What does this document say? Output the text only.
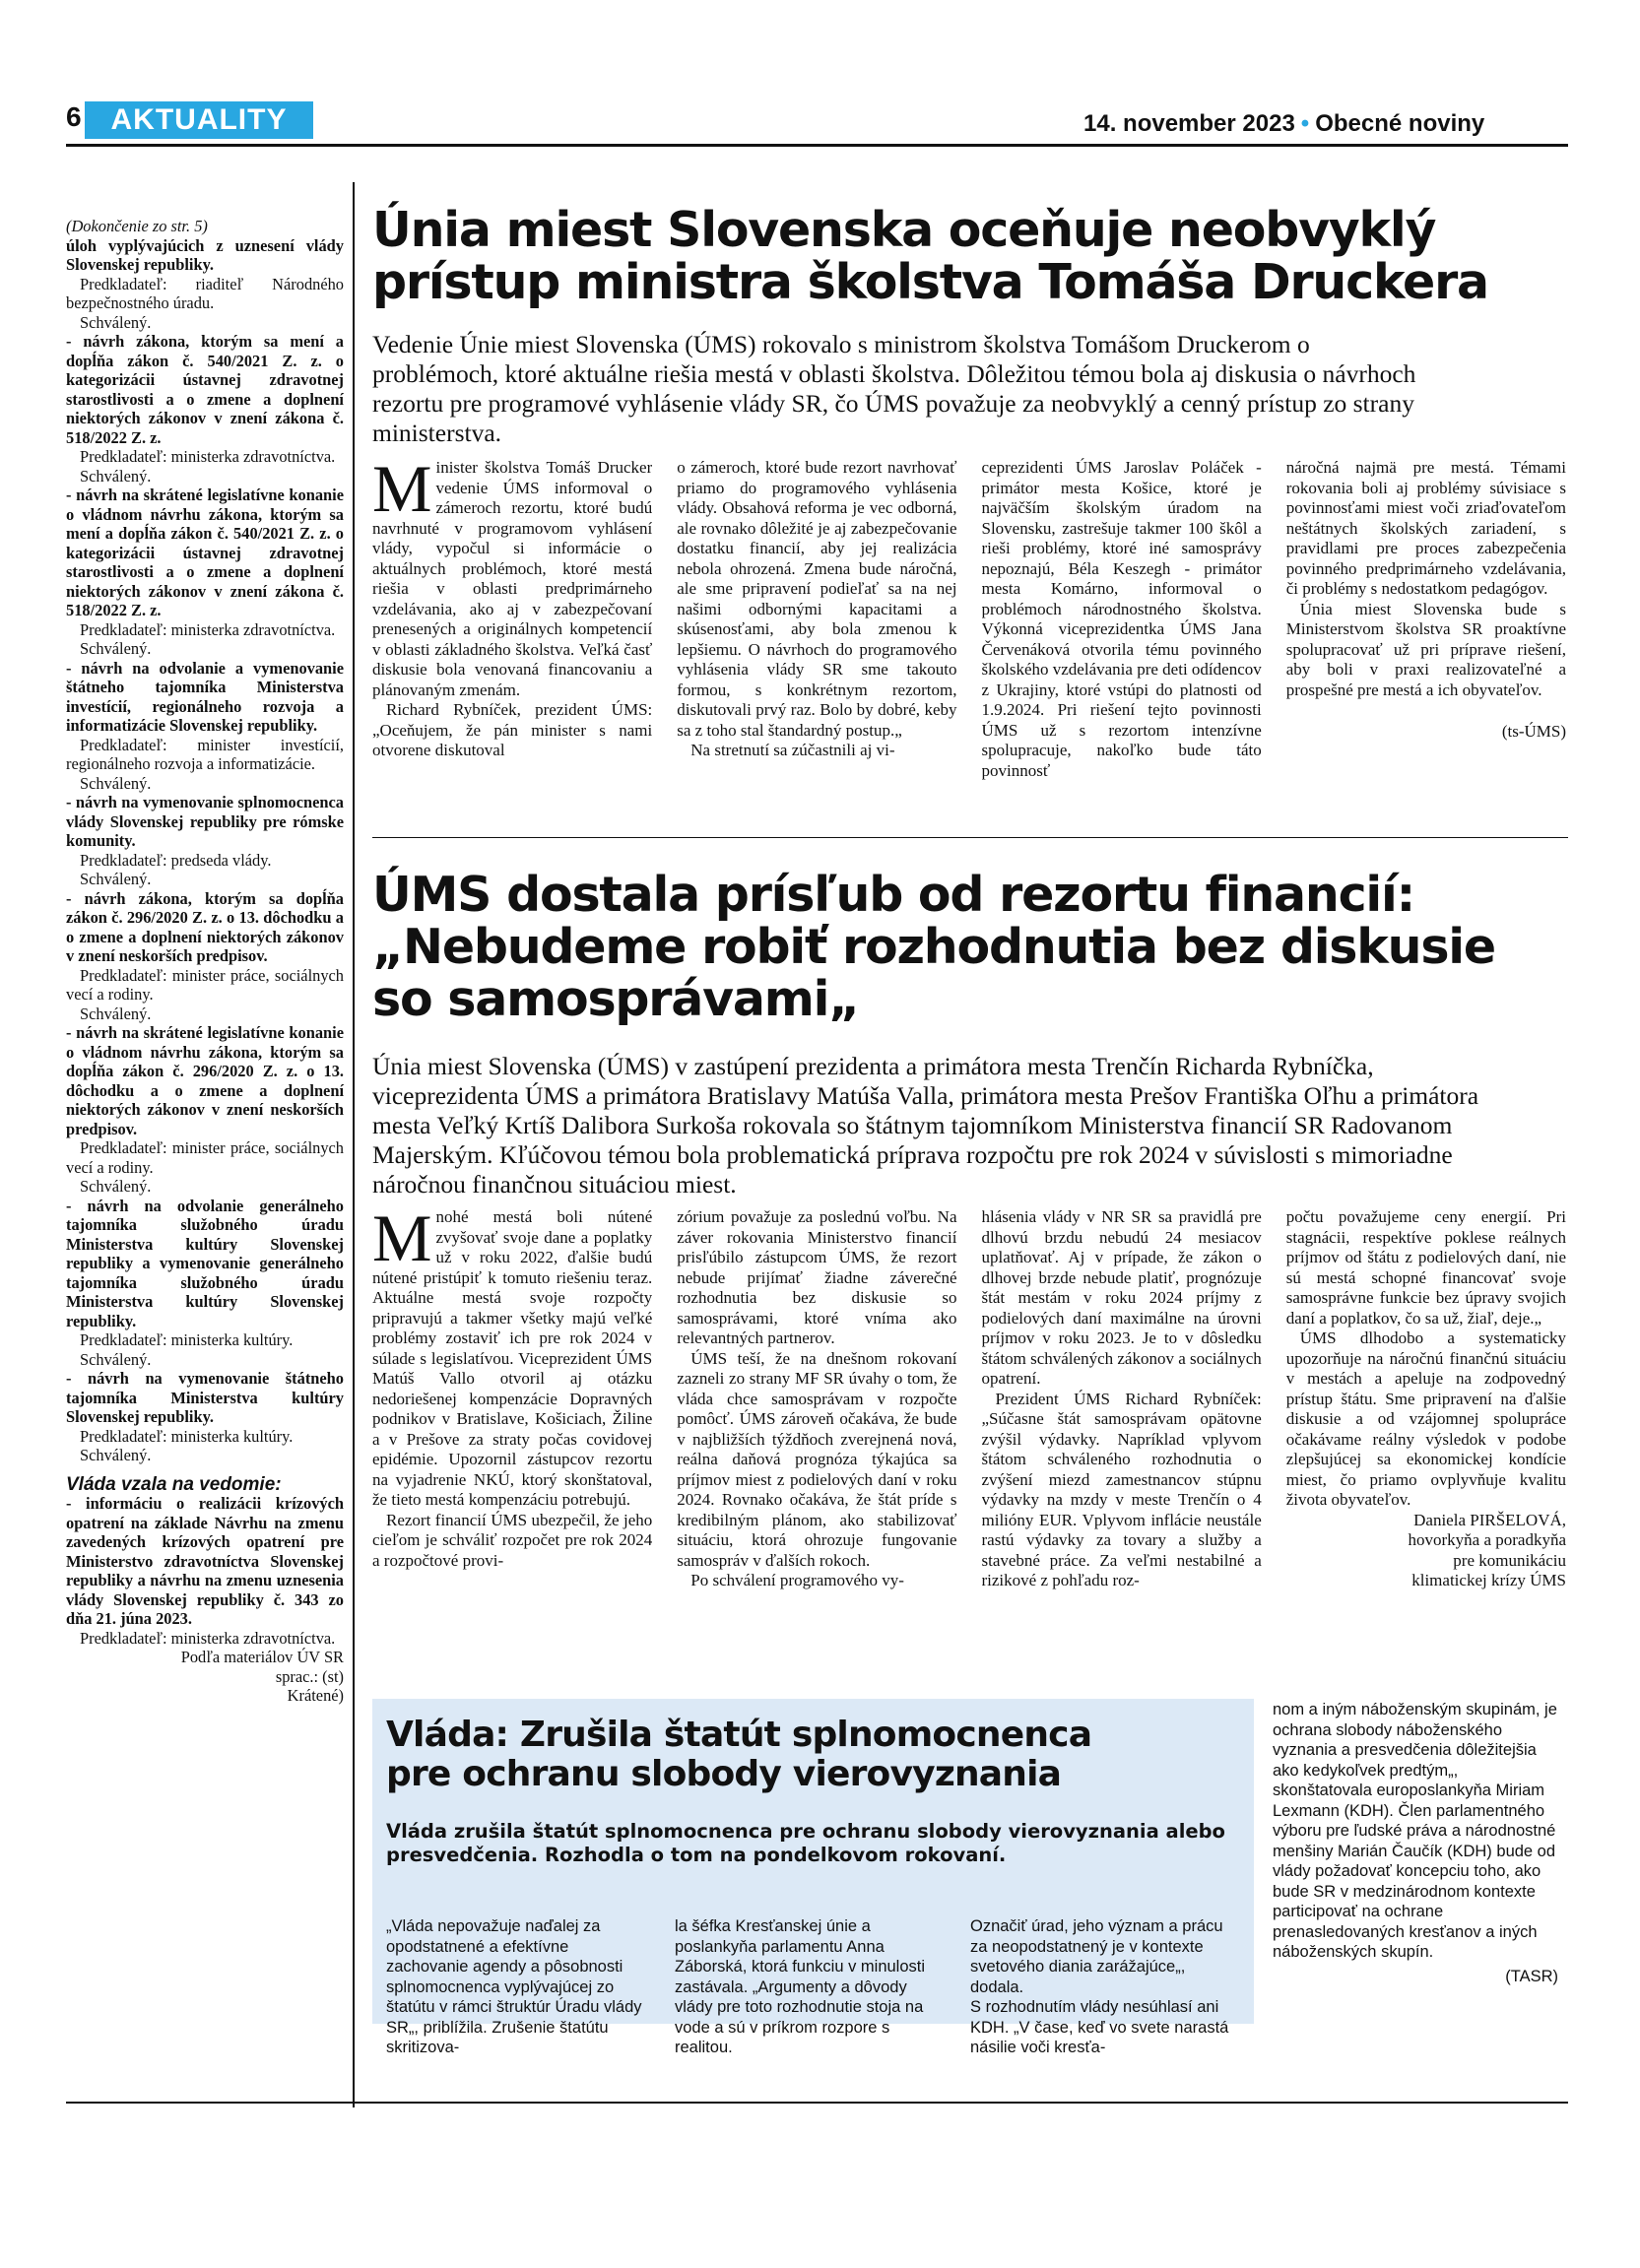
6 AKTUALITY	14. november 2023 • Obecné noviny

(Dokončenie zo str. 5)

úloh vyplývajúcich z uznesení vlády Slovenskej republiky.

Predkladateľ: riaditeľ Národného bezpečnostného úradu.

Schválený.

- návrh zákona, ktorým sa mení a dopĺňa zákon č. 540/2021 Z. z. o kategorizácii ústavnej zdravotnej starostlivosti a o zmene a doplnení niektorých zákonov v znení zákona č. 518/2022 Z. z.

Predkladateľ: ministerka zdravotníctva.

Schválený.

- návrh na skrátené legislatívne konanie o vládnom návrhu zákona, ktorým sa mení a dopĺňa zákon č. 540/2021 Z. z. o kategorizácii ústavnej zdravotnej starostlivosti a o zmene a doplnení niektorých zákonov v znení zákona č. 518/2022 Z. z.

Predkladateľ: ministerka zdravotníctva.

Schválený.

- návrh na odvolanie a vymenovanie štátneho tajomníka Ministerstva investícií, regionálneho rozvoja a informatizácie Slovenskej republiky.

Predkladateľ: minister investícií, regionálneho rozvoja a informatizácie.

Schválený.

- návrh na vymenovanie splnomocnenca vlády Slovenskej republiky pre rómske komunity.

Predkladateľ: predseda vlády.

Schválený.

- návrh zákona, ktorým sa dopĺňa zákon č. 296/2020 Z. z. o 13. dôchodku a o zmene a doplnení niektorých zákonov v znení neskorších predpisov.

Predkladateľ: minister práce, sociálnych vecí a rodiny.

Schválený.

- návrh na skrátené legislatívne konanie o vládnom návrhu zákona, ktorým sa dopĺňa zákon č. 296/2020 Z. z. o 13. dôchodku a o zmene a doplnení niektorých zákonov v znení neskorších predpisov.

Predkladateľ: minister práce, sociálnych vecí a rodiny.

Schválený.

- návrh na odvolanie generálneho tajomníka služobného úradu Ministerstva kultúry Slovenskej republiky a vymenovanie generálneho tajomníka služobného úradu Ministerstva kultúry Slovenskej republiky.

Predkladateľ: ministerka kultúry.

Schválený.

- návrh na vymenovanie štátneho tajomníka Ministerstva kultúry Slovenskej republiky.

Predkladateľ: ministerka kultúry.

Schválený.

Vláda vzala na vedomie:

- informáciu o realizácii krízových opatrení na základe Návrhu na zmenu zavedených krízových opatrení pre Ministerstvo zdravotníctva Slovenskej republiky a návrhu na zmenu uznesenia vlády Slovenskej republiky č. 343 zo dňa 21. júna 2023.

Predkladateľ: ministerka zdravotníctva.

Podľa materiálov ÚV SR

sprac.: (st)

Krátené)

Únia miest Slovenska oceňuje neobvyklý
prístup ministra školstva Tomáša Druckera
Vedenie Únie miest Slovenska (ÚMS) rokovalo s ministrom školstva Tomášom Druckerom o problémoch, ktoré aktuálne riešia mestá v oblasti školstva. Dôležitou témou bola aj diskusia o návrhoch rezortu pre programové vyhlásenie vlády SR, čo ÚMS považuje za neobvyklý a cenný prístup zo strany ministerstva.

Minister školstva Tomáš Drucker vedenie ÚMS informoval o zámeroch rezortu, ktoré budú navrhnuté v programovom vyhlásení vlády, vypočul si informácie o aktuálnych problémoch, ktoré mestá riešia v oblasti predprimárneho vzdelávania, ako aj v zabezpečovaní prenesených a originálnych kompetencií v oblasti základného školstva. Veľká časť diskusie bola venovaná financovaniu a plánovaným zmenám.

Richard Rybníček, prezident ÚMS: „Oceňujem, že pán minister s nami otvorene diskutoval

o zámeroch, ktoré bude rezort navrhovať priamo do programového vyhlásenia vlády. Obsahová reforma je vec odborná, ale rovnako dôležité je aj zabezpečovanie dostatku financií, aby jej realizácia nebola ohrozená. Zmena bude náročná, ale sme pripravení podieľať sa na nej našimi odbornými kapacitami a skúsenosťami, aby bola zmenou k lepšiemu. O návrhoch do programového vyhlásenia vlády SR sme takouto formou, s konkrétnym rezortom, diskutovali prvý raz. Bolo by dobré, keby sa z toho stal štandardný postup.„

Na stretnutí sa zúčastnili aj vi-

ceprezidenti ÚMS Jaroslav Poláček - primátor mesta Košice, ktoré je najväčším školským úradom na Slovensku, zastrešuje takmer 100 škôl a rieši problémy, ktoré iné samosprávy nepoznajú, Béla Keszegh - primátor mesta Komárno, informoval o problémoch národnostného školstva. Výkonná viceprezidentka ÚMS Jana Červenáková otvorila tému povinného školského vzdelávania pre deti odídencov z Ukrajiny, ktoré vstúpi do platnosti od 1.9.2024. Pri riešení tejto povinnosti ÚMS už s rezortom intenzívne spolupracuje, nakoľko bude táto povinnosť

náročná najmä pre mestá. Témami rokovania boli aj problémy súvisiace s povinnosťami miest voči zriaďovateľom neštátnych školských zariadení, s pravidlami pre proces zabezpečenia povinného predprimárneho vzdelávania, či problémy s nedostatkom pedagógov.

Únia miest Slovenska bude s Ministerstvom školstva SR proaktívne spolupracovať už pri príprave riešení, aby boli v praxi realizovateľné a prospešné pre mestá a ich obyvateľov.

(ts-ÚMS)

ÚMS dostala prísľub od rezortu financií:
„Nebudeme robiť rozhodnutia bez diskusie
so samosprávami„
Únia miest Slovenska (ÚMS) v zastúpení prezidenta a primátora mesta Trenčín Richarda Rybníčka, viceprezidenta ÚMS a primátora Bratislavy Matúša Valla, primátora mesta Prešov Františka Oľhu a primátora mesta Veľký Krtíš Dalibora Surkoša rokovala so štátnym tajomníkom Ministerstva financií SR Radovanom Majerským. Kľúčovou témou bola problematická príprava rozpočtu pre rok 2024 v súvislosti s mimoriadne náročnou finančnou situáciou miest.

Mnohé mestá boli nútené zvyšovať svoje dane a poplatky už v roku 2022, ďalšie budú nútené pristúpiť k tomuto riešeniu teraz. Aktuálne mestá svoje rozpočty pripravujú a takmer všetky majú veľké problémy zostaviť ich pre rok 2024 v súlade s legislatívou. Viceprezident ÚMS Matúš Vallo otvoril aj otázku nedoriešenej kompenzácie Dopravných podnikov v Bratislave, Košiciach, Žiline a v Prešove za straty počas covidovej epidémie. Upozornil zástupcov rezortu na vyjadrenie NKÚ, ktorý skonštatoval, že tieto mestá kompenzáciu potrebujú.

Rezort financií ÚMS ubezpečil, že jeho cieľom je schváliť rozpočet pre rok 2024 a rozpočtové provi-

zórium považuje za poslednú voľbu. Na záver rokovania Ministerstvo financií prisľúbilo zástupcom ÚMS, že rezort nebude prijímať žiadne záverečné rozhodnutia bez diskusie so samosprávami, ktoré vníma ako relevantných partnerov.

ÚMS teší, že na dnešnom rokovaní zazneli zo strany MF SR úvahy o tom, že vláda chce samosprávam v rozpočte pomôcť. ÚMS zároveň očakáva, že bude v najbližších týždňoch zverejnená nová, reálna daňová prognóza týkajúca sa príjmov miest z podielových daní v roku 2024. Rovnako očakáva, že štát príde s kredibilným plánom, ako stabilizovať situáciu, ktorá ohrozuje fungovanie samospráv v ďalších rokoch.

Po schválení programového vy-

hlásenia vlády v NR SR sa pravidlá pre dlhovú brzdu nebudú 24 mesiacov uplatňovať. Aj v prípade, že zákon o dlhovej brzde nebude platiť, prognózuje štát mestám v roku 2024 príjmy z podielových daní maximálne na úrovni príjmov v roku 2023. Je to v dôsledku štátom schválených zákonov a sociálnych opatrení.

Prezident ÚMS Richard Rybníček: „Súčasne štát samosprávam opätovne zvýšil výdavky. Napríklad vplyvom štátom schváleného rozhodnutia o zvýšení miezd zamestnancov stúpnu výdavky na mzdy v meste Trenčín o 4 milióny EUR. Vplyvom inflácie neustále rastú výdavky za tovary a služby a stavebné práce. Za veľmi nestabilné a rizikové z pohľadu roz-

počtu považujeme ceny energií. Pri stagnácii, respektíve poklese reálnych príjmov od štátu z podielových daní, nie sú mestá schopné financovať svoje samosprávne funkcie bez úpravy svojich daní a poplatkov, čo sa už, žiaľ, deje.„

ÚMS dlhodobo a systematicky upozorňuje na náročnú finančnú situáciu v mestách a apeluje na zodpovedný prístup štátu. Sme pripravení na ďalšie diskusie a od vzájomnej spolupráce očakávame reálny výsledok v podobe zlepšujúcej sa ekonomickej kondície miest, čo priamo ovplyvňuje kvalitu života obyvateľov.

Daniela PIRŠELOVÁ,

hovorkyňa a poradkyňa

pre komunikáciu

klimatickej krízy ÚMS

Vláda: Zrušila štatút splnomocnenca
pre ochranu slobody vierovyznania
Vláda zrušila štatút splnomocnenca pre ochranu slobody vierovyznania alebo presvedčenia. Rozhodla o tom na pondelkovom rokovaní.

„Vláda nepovažuje naďalej za opodstatnené a efektívne zachovanie agendy a pôsobnosti splnomocnenca vyplývajúcej zo štatútu v rámci štruktúr Úradu vlády SR„, priblížila. Zrušenie štatútu skritizova-

la šéfka Kresťanskej únie a poslankyňa parlamentu Anna Záborská, ktorá funkciu v minulosti zastávala. „Argumenty a dôvody vlády pre toto rozhodnutie stoja na vode a sú v príkrom rozpore s realitou.

Označiť úrad, jeho význam a prácu za neopodstatnený je v kontexte svetového diania zarážajúce„, dodala.
S rozhodnutím vlády nesúhlasí ani KDH. „V čase, keď vo svete narastá násilie voči kresťa-

nom a iným náboženským skupinám, je ochrana slobody náboženského vyznania a presvedčenia dôležitejšia ako kedykoľvek predtým„, skonštatovala europoslankyňa Miriam Lexmann (KDH). Člen parlamentného výboru pre ľudské práva a národnostné menšiny Marián Čaučík (KDH) bude od vlády požadovať koncepciu toho, ako bude SR v medzinárodnom kontexte participovať na ochrane prenasledovaných kresťanov a iných náboženských skupín.

(TASR)
